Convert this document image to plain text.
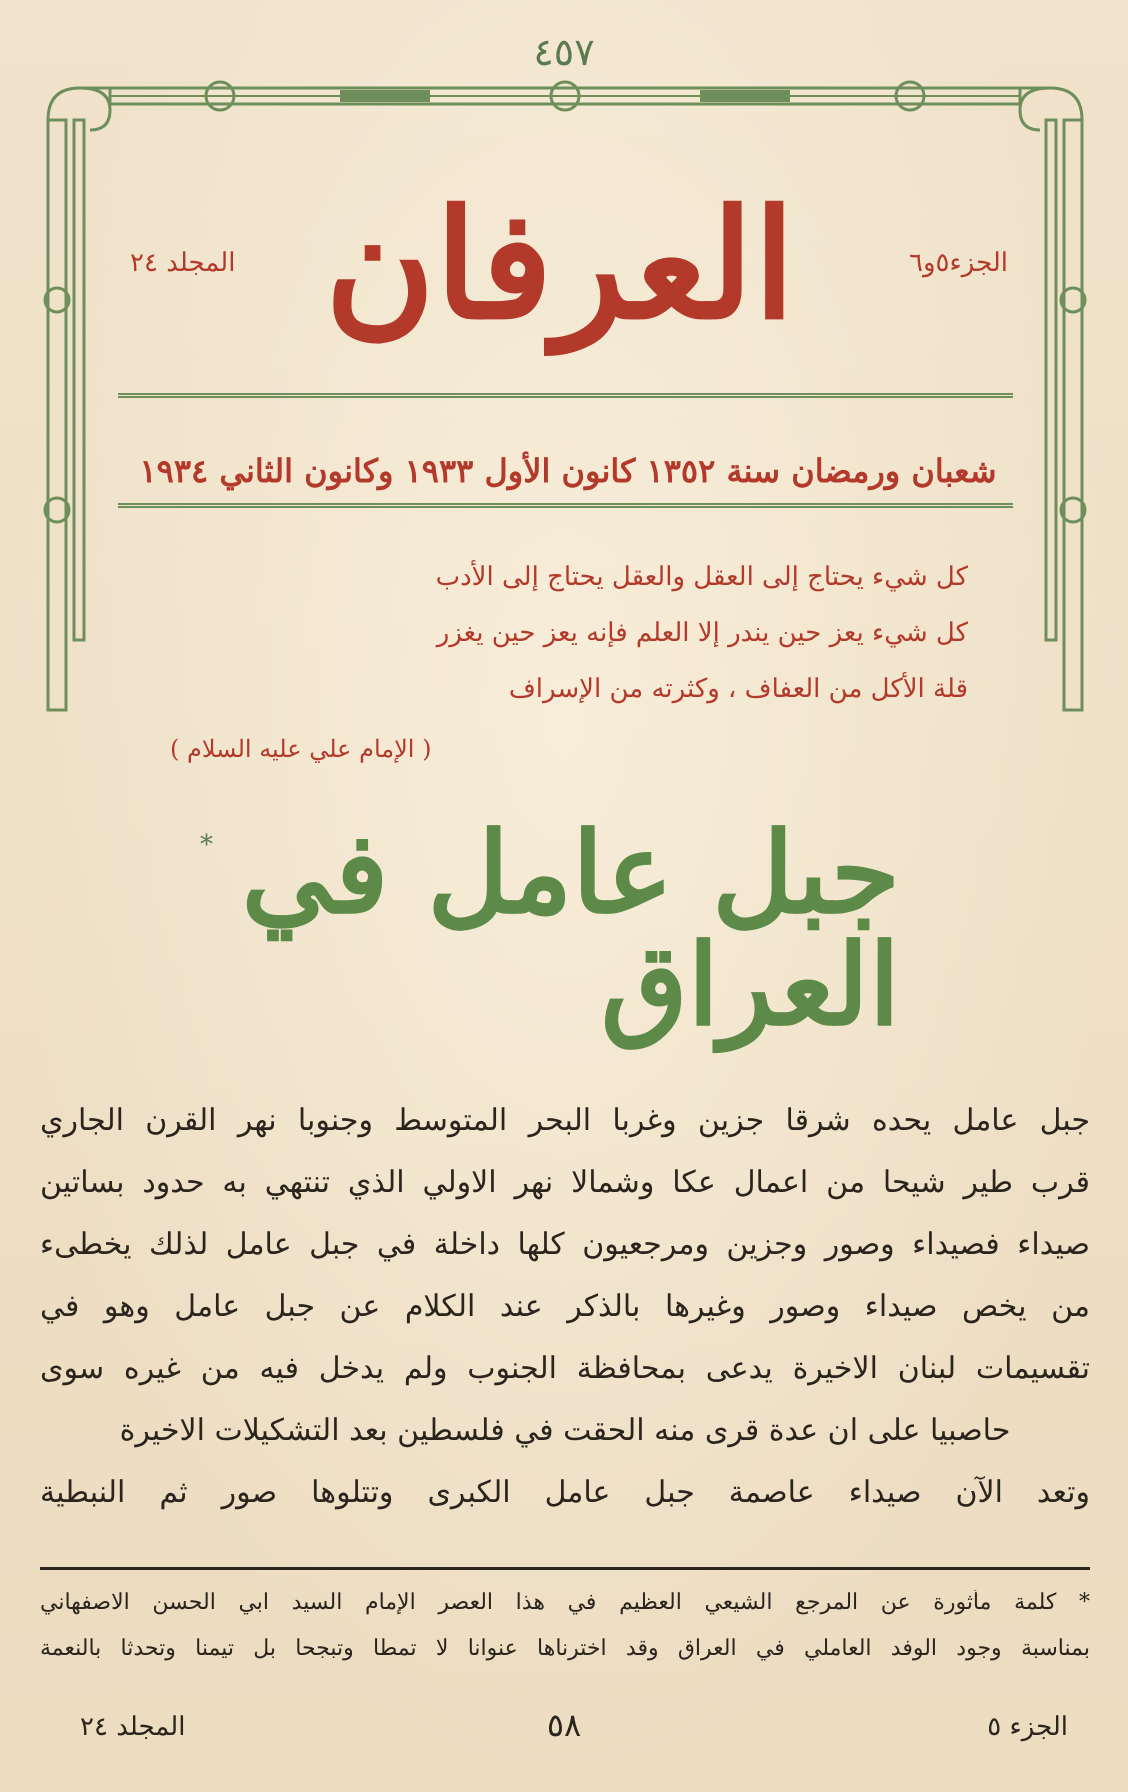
٤٥٧
الجزء٥و٦
العرفان
المجلد ٢٤
شعبان ورمضان سنة ١٣٥٢ كانون الأول ١٩٣٣ وكانون الثاني ١٩٣٤
كل شيء يحتاج إلى العقل والعقل يحتاج إلى الأدب
كل شيء يعز حين يندر إلا العلم فإنه يعز حين يغزر
قلة الأكل من العفاف ، وكثرته من الإسراف
( الإمام علي عليه السلام )
* جبل عامل في العراق
جبل عامل يحده شرقا جزين وغربا البحر المتوسط وجنوبا نهر القرن الجاري
قرب طير شيحا من اعمال عكا وشمالا نهر الاولي الذي تنتهي به حدود بساتين
صيداء فصيداء وصور وجزين ومرجعيون كلها داخلة في جبل عامل لذلك يخطىء
من يخص صيداء وصور وغيرها بالذكر عند الكلام عن جبل عامل وهو في
تقسيمات لبنان الاخيرة يدعى بمحافظة الجنوب ولم يدخل فيه من غيره سوى
حاصبيا على ان عدة قرى منه الحقت في فلسطين بعد التشكيلات الاخيرة
وتعد الآن صيداء عاصمة جبل عامل الكبرى وتتلوها صور ثم النبطية
* كلمة مأثورة عن المرجع الشيعي العظيم في هذا العصر الإمام السيد ابي الحسن الاصفهاني
بمناسبة وجود الوفد العاملي في العراق وقد اخترناها عنوانا لا تمطا وتبجحا بل تيمنا وتحدثا بالنعمة
الجزء ٥
٥٨
المجلد ٢٤
